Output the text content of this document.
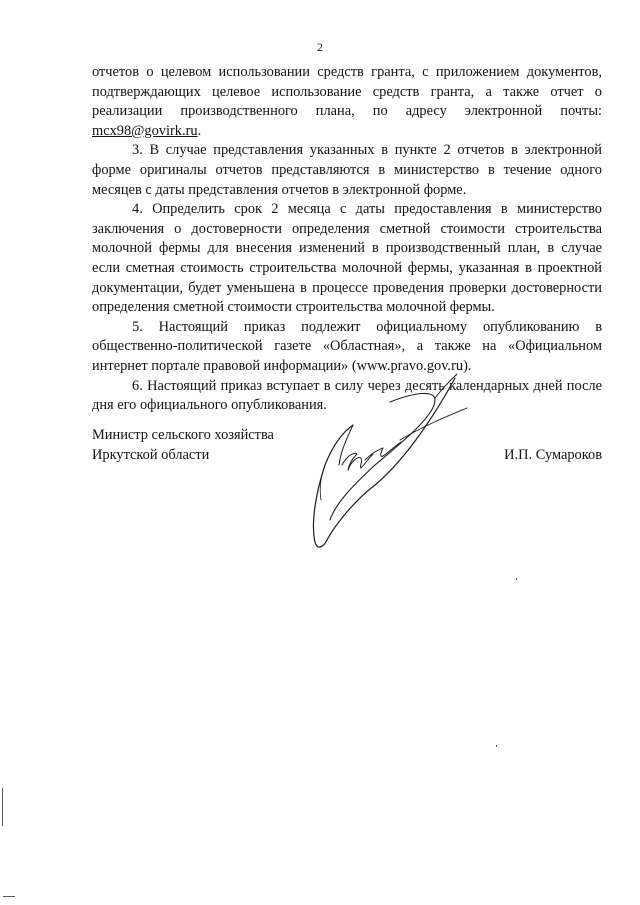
2

отчетов о целевом использовании средств гранта, с приложением документов, подтверждающих целевое использование средств гранта, а также отчет о реализации производственного плана, по адресу электронной почты: mcx98@govirk.ru.

3. В случае представления указанных в пункте 2 отчетов в электронной форме оригиналы отчетов представляются в министерство в течение одного месяцев с даты представления отчетов в электронной форме.

4. Определить срок 2 месяца с даты предоставления в министерство заключения о достоверности определения сметной стоимости строительства молочной фермы для внесения изменений в производственный план, в случае если сметная стоимость строительства молочной фермы, указанная в проектной документации, будет уменьшена в процессе проведения проверки достоверности определения сметной стоимости строительства молочной фермы.

5. Настоящий приказ подлежит официальному опубликованию в общественно-политической газете «Областная», а также на «Официальном интернет портале правовой информации» (www.pravo.gov.ru).

6. Настоящий приказ вступает в силу через десять календарных дней после дня его официального опубликования.

Министр сельского хозяйства
Иркутской области	И.П. Сумароков
